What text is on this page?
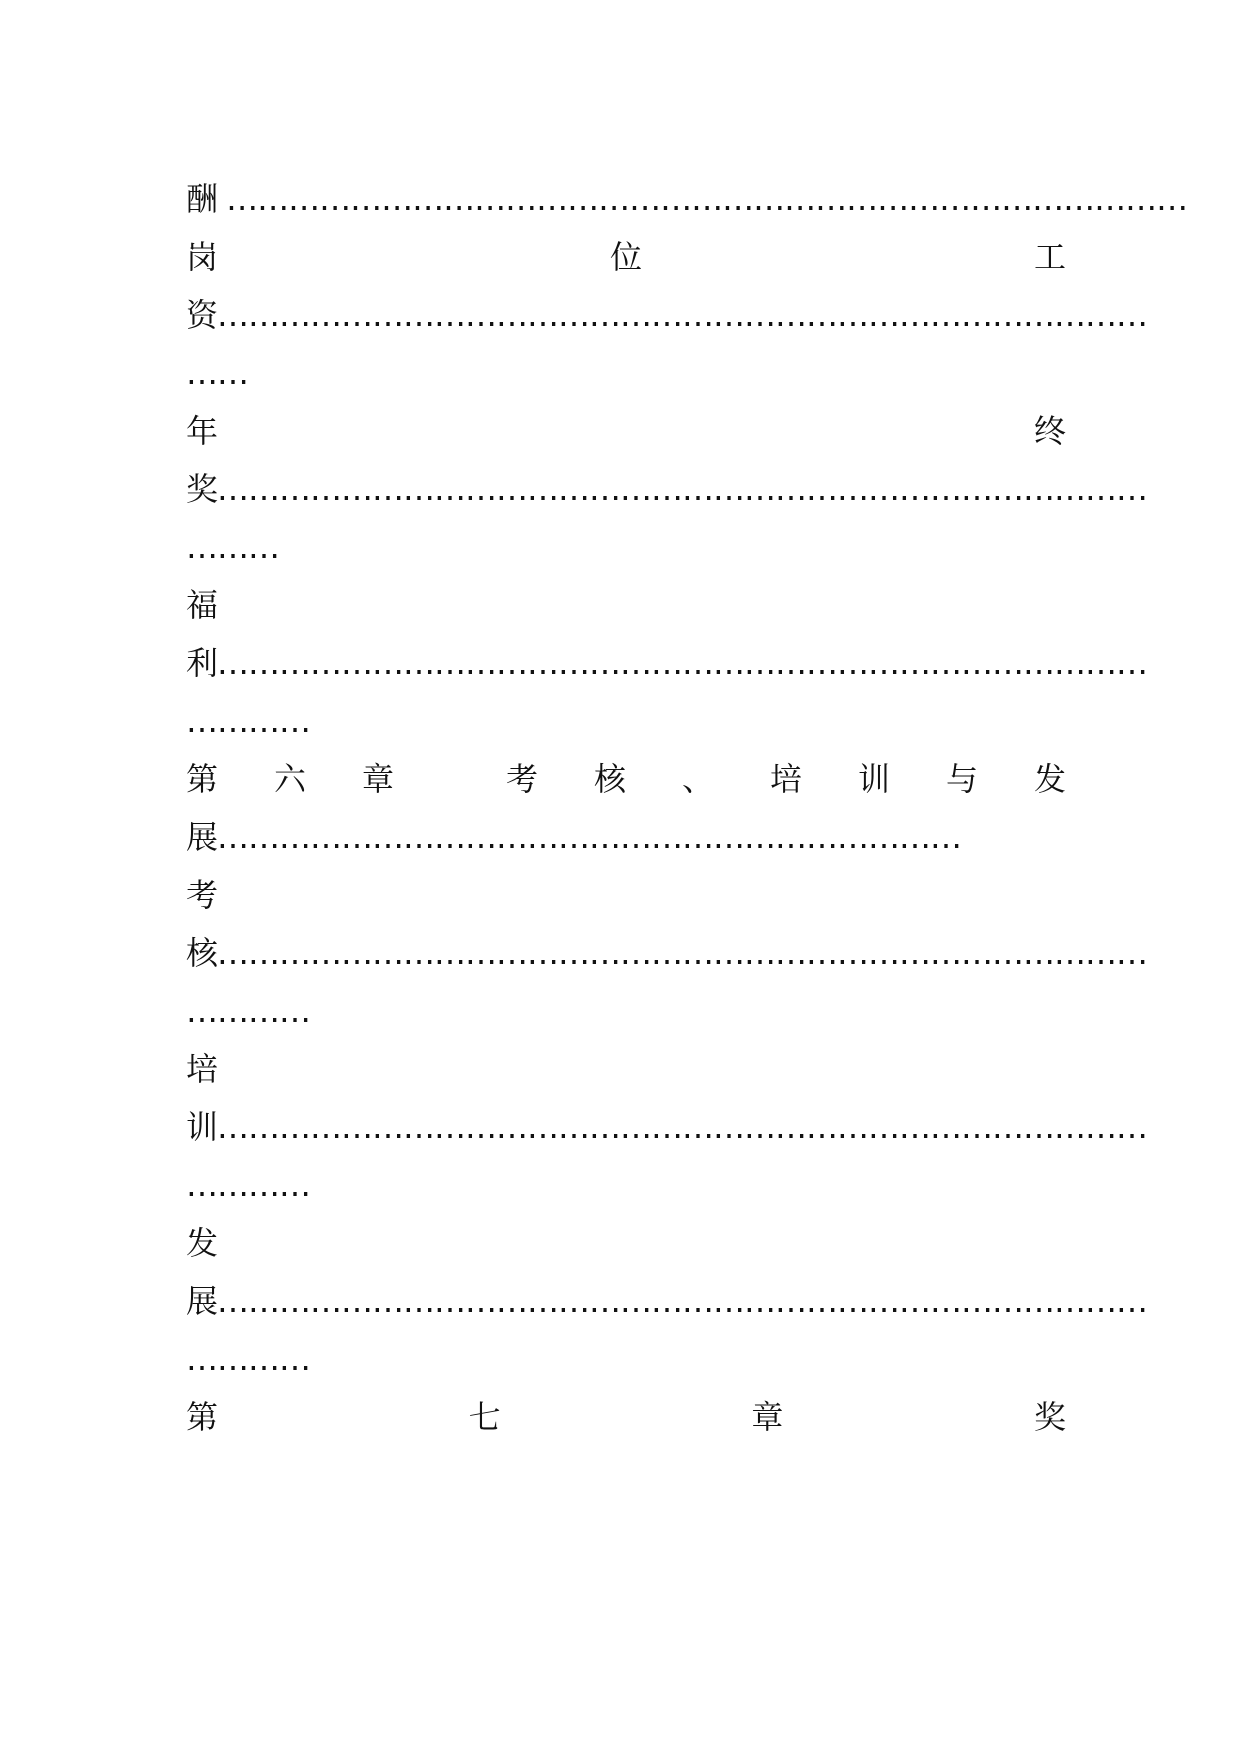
酬 …………………………………………………………………………………
岗	位	工
资………………………………………………………………………………
……
年	终
奖………………………………………………………………………………
………
福
利………………………………………………………………………………
…………
第 六 章	考 核 、 培 训 与 发
展………………………………………………………………
考
核………………………………………………………………………………
…………
培
训………………………………………………………………………………
…………
发
展………………………………………………………………………………
…………
第	七	章	奖
